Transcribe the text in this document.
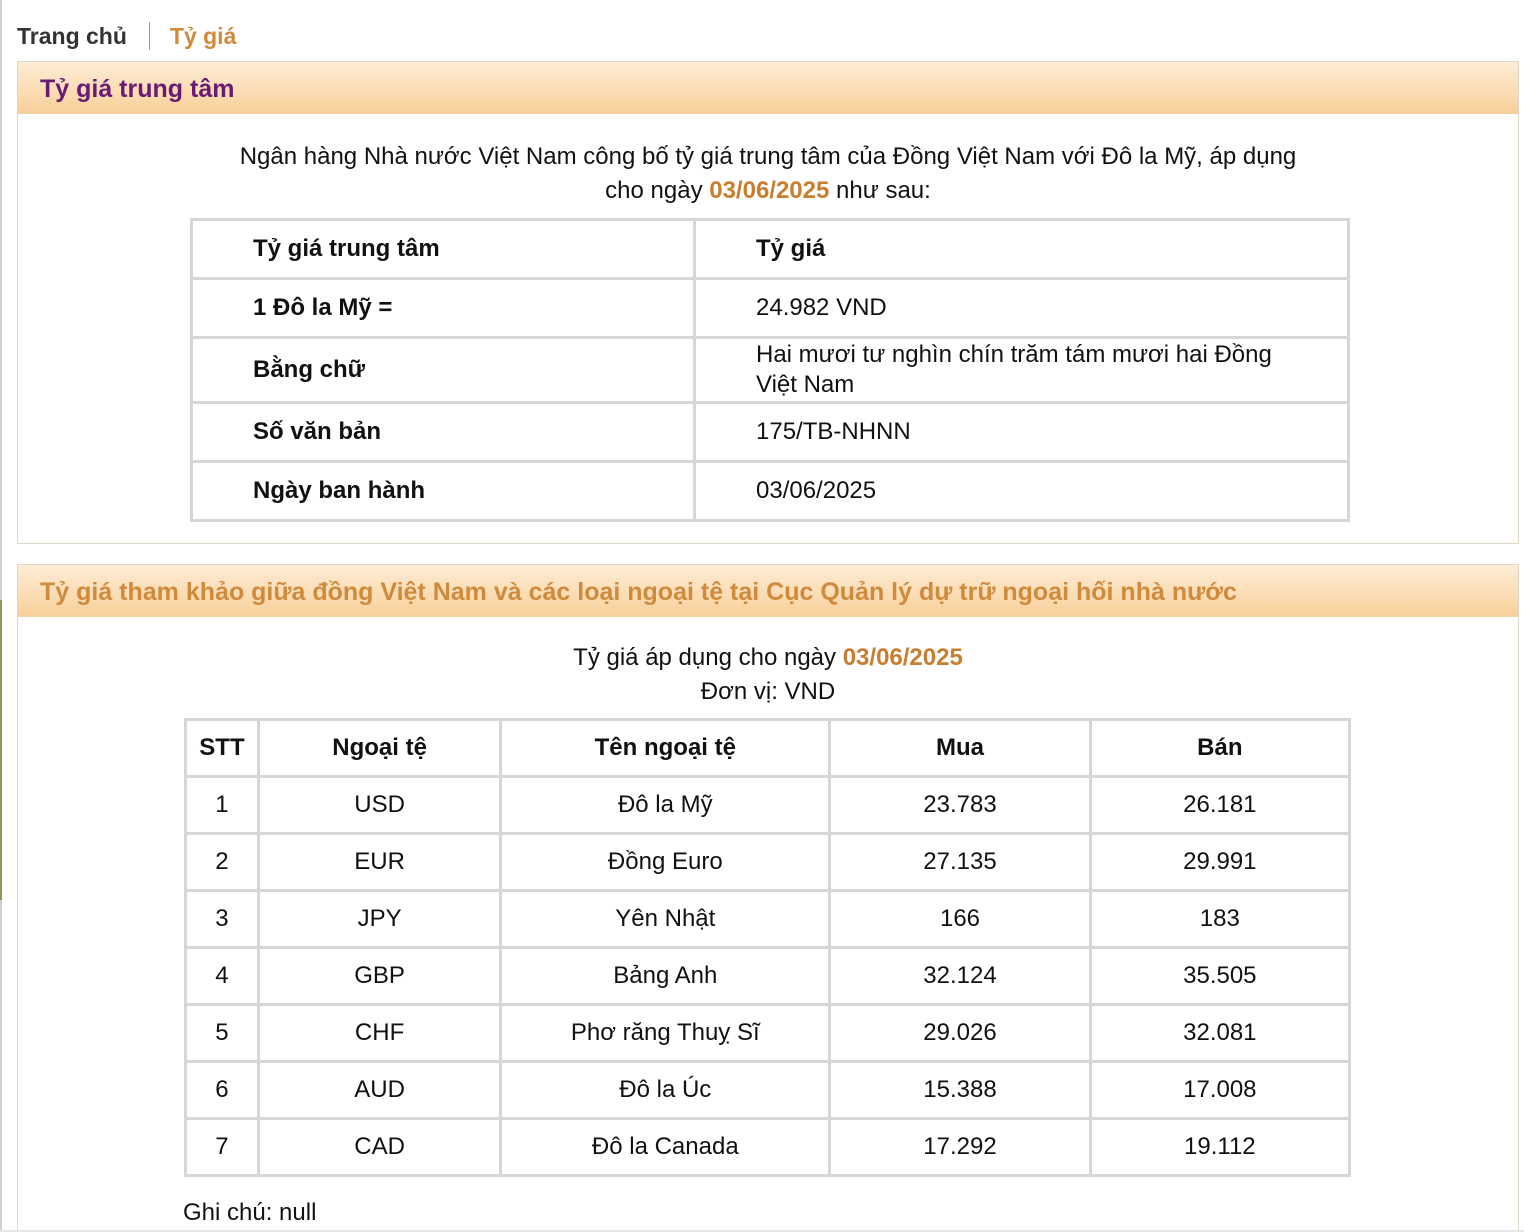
Trang chủ Tỷ giá
Tỷ giá trung tâm
Ngân hàng Nhà nước Việt Nam công bố tỷ giá trung tâm của Đồng Việt Nam với Đô la Mỹ, áp dụng
cho ngày 03/06/2025 như sau:
Tỷ giá trung tâm	Tỷ giá
1 Đô la Mỹ =	24.982 VND
Bằng chữ	Hai mươi tư nghìn chín trăm tám mươi hai Đồng Việt Nam
Số văn bản	175/TB-NHNN
Ngày ban hành	03/06/2025
Tỷ giá tham khảo giữa đồng Việt Nam và các loại ngoại tệ tại Cục Quản lý dự trữ ngoại hối nhà nước
Tỷ giá áp dụng cho ngày 03/06/2025
Đơn vị: VND
STT	Ngoại tệ	Tên ngoại tệ	Mua	Bán
1	USD	Đô la Mỹ	23.783	26.181
2	EUR	Đồng Euro	27.135	29.991
3	JPY	Yên Nhật	166	183
4	GBP	Bảng Anh	32.124	35.505
5	CHF	Phơ răng Thuỵ Sĩ	29.026	32.081
6	AUD	Đô la Úc	15.388	17.008
7	CAD	Đô la Canada	17.292	19.112
Ghi chú: null
